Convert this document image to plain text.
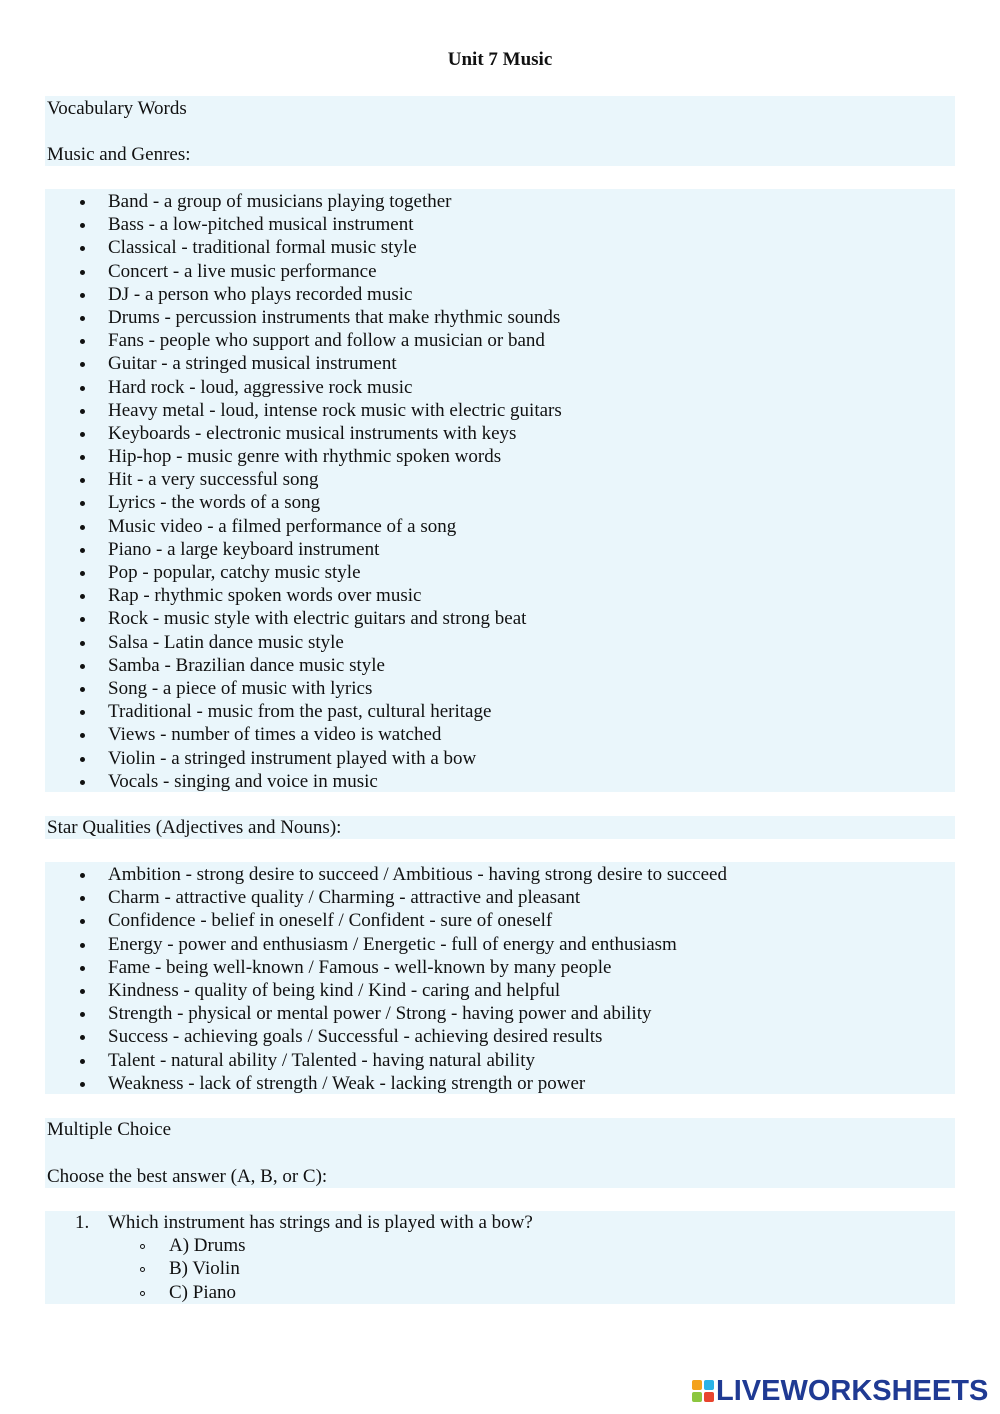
Unit 7 Music
Vocabulary Words
Music and Genres:
Band - a group of musicians playing together
Bass - a low-pitched musical instrument
Classical - traditional formal music style
Concert - a live music performance
DJ - a person who plays recorded music
Drums - percussion instruments that make rhythmic sounds
Fans - people who support and follow a musician or band
Guitar - a stringed musical instrument
Hard rock - loud, aggressive rock music
Heavy metal - loud, intense rock music with electric guitars
Keyboards - electronic musical instruments with keys
Hip-hop - music genre with rhythmic spoken words
Hit - a very successful song
Lyrics - the words of a song
Music video - a filmed performance of a song
Piano - a large keyboard instrument
Pop - popular, catchy music style
Rap - rhythmic spoken words over music
Rock - music style with electric guitars and strong beat
Salsa - Latin dance music style
Samba - Brazilian dance music style
Song - a piece of music with lyrics
Traditional - music from the past, cultural heritage
Views - number of times a video is watched
Violin - a stringed instrument played with a bow
Vocals - singing and voice in music
Star Qualities (Adjectives and Nouns):
Ambition - strong desire to succeed / Ambitious - having strong desire to succeed
Charm - attractive quality / Charming - attractive and pleasant
Confidence - belief in oneself / Confident - sure of oneself
Energy - power and enthusiasm / Energetic - full of energy and enthusiasm
Fame - being well-known / Famous - well-known by many people
Kindness - quality of being kind / Kind - caring and helpful
Strength - physical or mental power / Strong - having power and ability
Success - achieving goals / Successful - achieving desired results
Talent - natural ability / Talented - having natural ability
Weakness - lack of strength / Weak - lacking strength or power
Multiple Choice
Choose the best answer (A, B, or C):
1. Which instrument has strings and is played with a bow?
A) Drums
B) Violin
C) Piano
LIVEWORKSHEETS
